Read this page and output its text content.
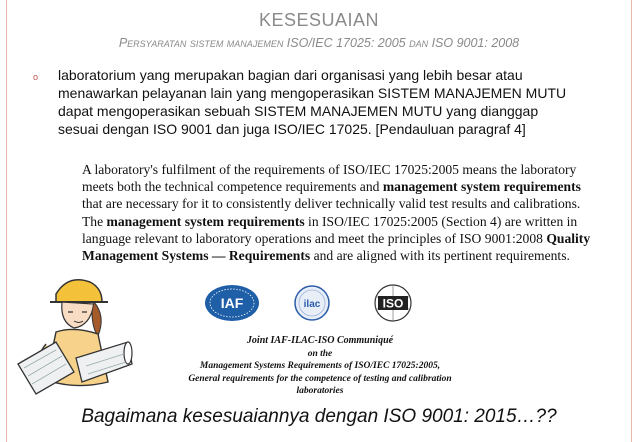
KESESUAIAN
Persyaratan sistem manajemen ISO/IEC 17025: 2005 dan ISO 9001: 2008
o laboratorium yang merupakan bagian dari organisasi yang lebih besar atau
menawarkan pelayanan lain yang mengoperasikan SISTEM MANAJEMEN MUTU
dapat mengoperasikan sebuah SISTEM MANAJEMEN MUTU yang dianggap
sesuai dengan ISO 9001 dan juga ISO/IEC 17025. [Pendauluan paragraf 4]
A laboratory's fulfilment of the requirements of ISO/IEC 17025:2005 means the laboratory meets both the technical competence requirements and management system requirements that are necessary for it to consistently deliver technically valid test results and calibrations. The management system requirements in ISO/IEC 17025:2005 (Section 4) are written in language relevant to laboratory operations and meet the principles of ISO 9001:2008 Quality Management Systems — Requirements and are aligned with its pertinent requirements.
IAF	ilac	ISO
Joint IAF-ILAC-ISO Communiqué
on the
Management Systems Requirements of ISO/IEC 17025:2005,
General requirements for the competence of testing and calibration
laboratories
Bagaimana kesesuaiannya dengan ISO 9001: 2015…??
